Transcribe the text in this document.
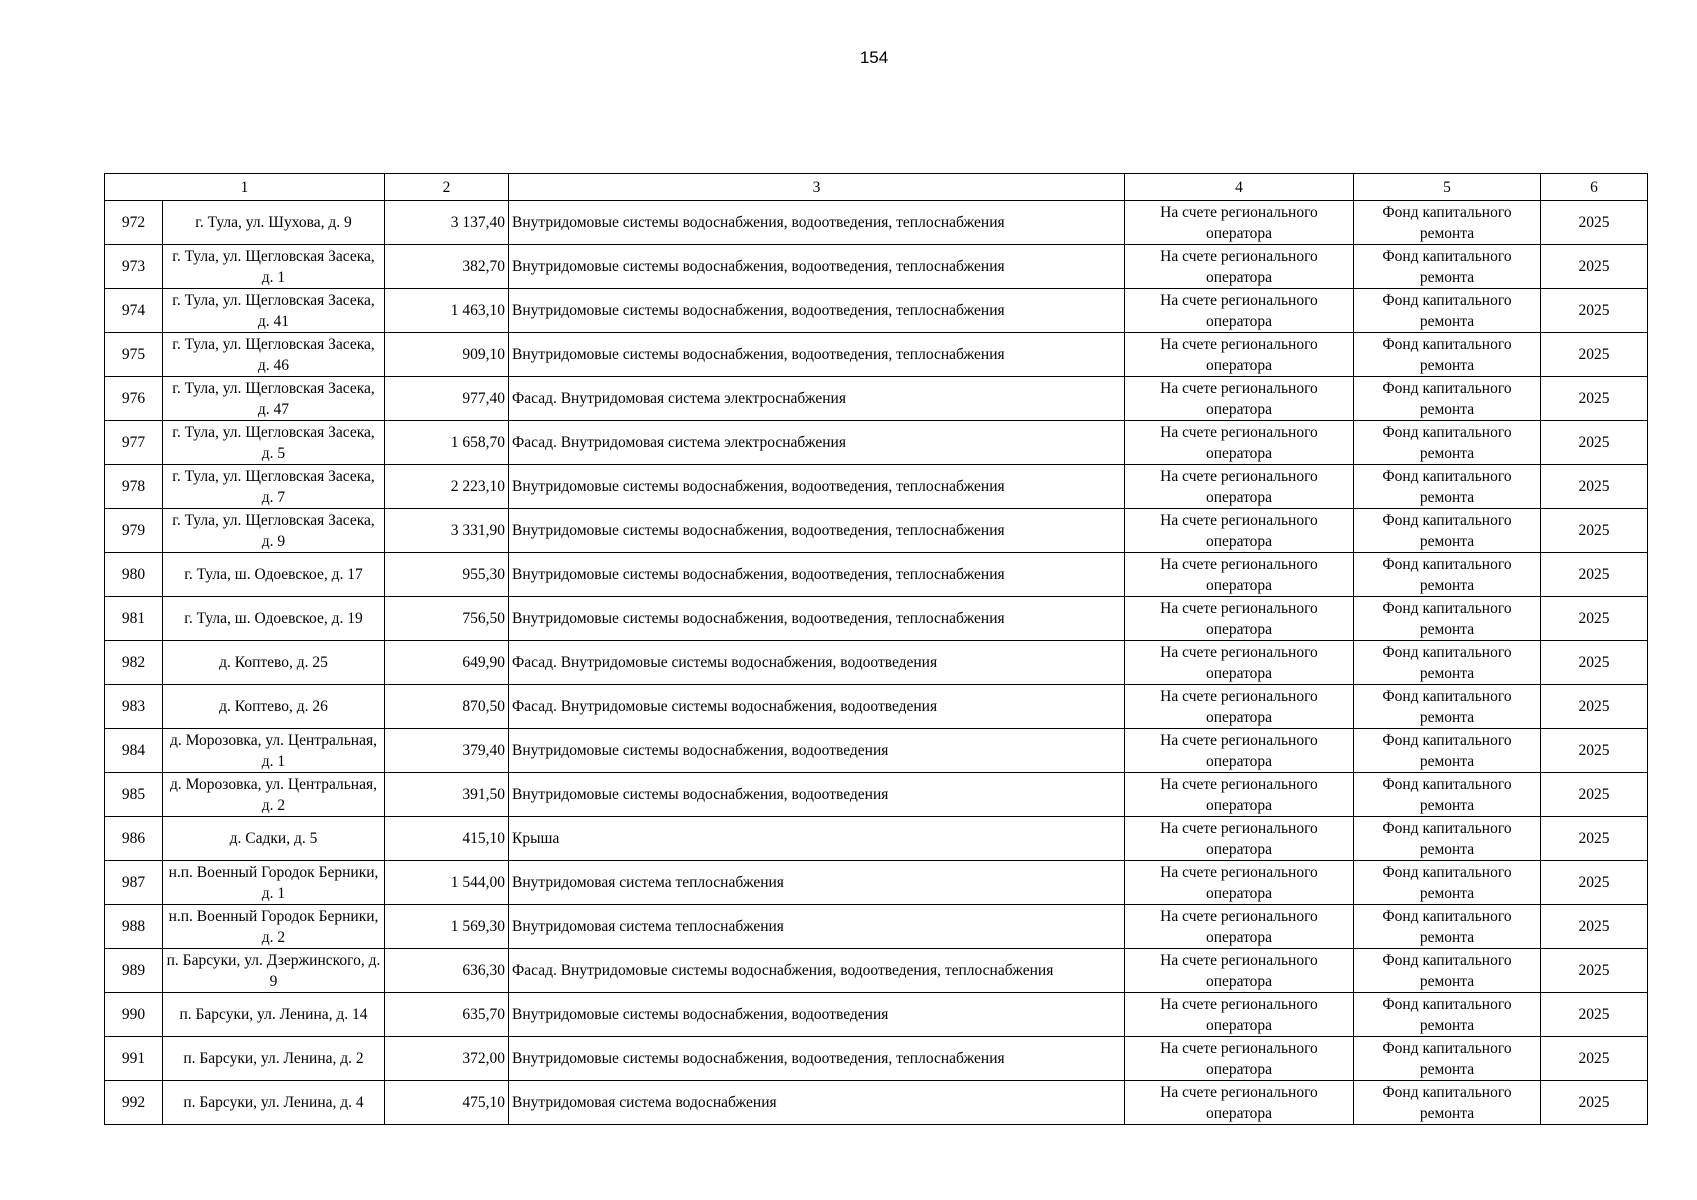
154
1		2	3	4	5	6
972	г. Тула, ул. Шухова, д. 9	3 137,40	Внутридомовые системы водоснабжения, водоотведения, теплоснабжения	На счете регионального оператора	Фонд капитального ремонта	2025
973	г. Тула, ул. Щегловская Засека, д. 1	382,70	Внутридомовые системы водоснабжения, водоотведения, теплоснабжения	На счете регионального оператора	Фонд капитального ремонта	2025
974	г. Тула, ул. Щегловская Засека, д. 41	1 463,10	Внутридомовые системы водоснабжения, водоотведения, теплоснабжения	На счете регионального оператора	Фонд капитального ремонта	2025
975	г. Тула, ул. Щегловская Засека, д. 46	909,10	Внутридомовые системы водоснабжения, водоотведения, теплоснабжения	На счете регионального оператора	Фонд капитального ремонта	2025
976	г. Тула, ул. Щегловская Засека, д. 47	977,40	Фасад. Внутридомовая система электроснабжения	На счете регионального оператора	Фонд капитального ремонта	2025
977	г. Тула, ул. Щегловская Засека, д. 5	1 658,70	Фасад. Внутридомовая система электроснабжения	На счете регионального оператора	Фонд капитального ремонта	2025
978	г. Тула, ул. Щегловская Засека, д. 7	2 223,10	Внутридомовые системы водоснабжения, водоотведения, теплоснабжения	На счете регионального оператора	Фонд капитального ремонта	2025
979	г. Тула, ул. Щегловская Засека, д. 9	3 331,90	Внутридомовые системы водоснабжения, водоотведения, теплоснабжения	На счете регионального оператора	Фонд капитального ремонта	2025
980	г. Тула, ш. Одоевское, д. 17	955,30	Внутридомовые системы водоснабжения, водоотведения, теплоснабжения	На счете регионального оператора	Фонд капитального ремонта	2025
981	г. Тула, ш. Одоевское, д. 19	756,50	Внутридомовые системы водоснабжения, водоотведения, теплоснабжения	На счете регионального оператора	Фонд капитального ремонта	2025
982	д. Коптево, д. 25	649,90	Фасад. Внутридомовые системы водоснабжения, водоотведения	На счете регионального оператора	Фонд капитального ремонта	2025
983	д. Коптево, д. 26	870,50	Фасад. Внутридомовые системы водоснабжения, водоотведения	На счете регионального оператора	Фонд капитального ремонта	2025
984	д. Морозовка, ул. Центральная, д. 1	379,40	Внутридомовые системы водоснабжения, водоотведения	На счете регионального оператора	Фонд капитального ремонта	2025
985	д. Морозовка, ул. Центральная, д. 2	391,50	Внутридомовые системы водоснабжения, водоотведения	На счете регионального оператора	Фонд капитального ремонта	2025
986	д. Садки, д. 5	415,10	Крыша	На счете регионального оператора	Фонд капитального ремонта	2025
987	н.п. Военный Городок Берники, д. 1	1 544,00	Внутридомовая система теплоснабжения	На счете регионального оператора	Фонд капитального ремонта	2025
988	н.п. Военный Городок Берники, д. 2	1 569,30	Внутридомовая система теплоснабжения	На счете регионального оператора	Фонд капитального ремонта	2025
989	п. Барсуки, ул. Дзержинского, д. 9	636,30	Фасад. Внутридомовые системы водоснабжения, водоотведения, теплоснабжения	На счете регионального оператора	Фонд капитального ремонта	2025
990	п. Барсуки, ул. Ленина, д. 14	635,70	Внутридомовые системы водоснабжения, водоотведения	На счете регионального оператора	Фонд капитального ремонта	2025
991	п. Барсуки, ул. Ленина, д. 2	372,00	Внутридомовые системы водоснабжения, водоотведения, теплоснабжения	На счете регионального оператора	Фонд капитального ремонта	2025
992	п. Барсуки, ул. Ленина, д. 4	475,10	Внутридомовая система водоснабжения	На счете регионального оператора	Фонд капитального ремонта	2025
